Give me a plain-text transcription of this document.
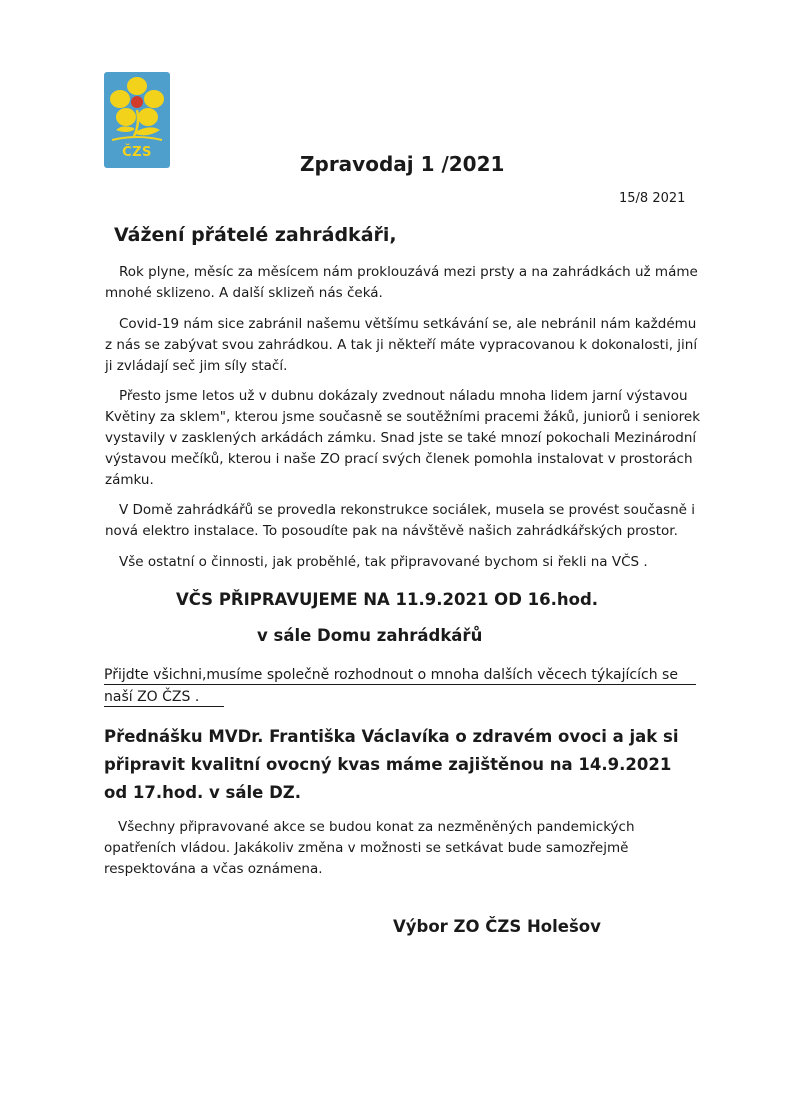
ČZS	Zpravodaj 1 /2021
15/8 2021
Vážení přátelé zahrádkáři,

Rok plyne, měsíc za měsícem nám proklouzává mezi prsty a na zahrádkách už máme mnohé sklizeno. A další sklizeň nás čeká.

Covid-19 nám sice zabránil našemu většímu setkávání se, ale nebránil nám každému z nás se zabývat svou zahrádkou. A tak ji někteří máte vypracovanou k dokonalosti, jiní ji zvládají seč jim síly stačí.

Přesto jsme letos už v dubnu dokázaly zvednout náladu mnoha lidem jarní výstavou Květiny za sklem", kterou jsme současně se soutěžními pracemi žáků, juniorů i seniorek vystavily v zasklených arkádách zámku. Snad jste se také mnozí pokochali Mezinárodní výstavou mečíků, kterou i naše ZO prací svých členek pomohla instalovat v prostorách zámku.

V Domě zahrádkářů se provedla rekonstrukce sociálek, musela se provést současně i nová elektro instalace. To posoudíte pak na návštěvě našich zahrádkářských prostor.

Vše ostatní o činnosti, jak proběhlé, tak připravované bychom si řekli na VČS .

VČS PŘIPRAVUJEME NA 11.9.2021 OD 16.hod.
v sále Domu zahrádkářů
Přijdte všichni,musíme společně rozhodnout o mnoha dalších věcech týkajících se naší ZO ČZS .

Přednášku MVDr. Františka Václavíka o zdravém ovoci a jak si připravit kvalitní ovocný kvas máme zajištěnou na 14.9.2021 od 17.hod. v sále DZ.

Všechny připravované akce se budou konat za nezměněných pandemických opatřeních vládou. Jakákoliv změna v možnosti se setkávat bude samozřejmě respektována a včas oznámena.

Výbor ZO ČZS Holešov
